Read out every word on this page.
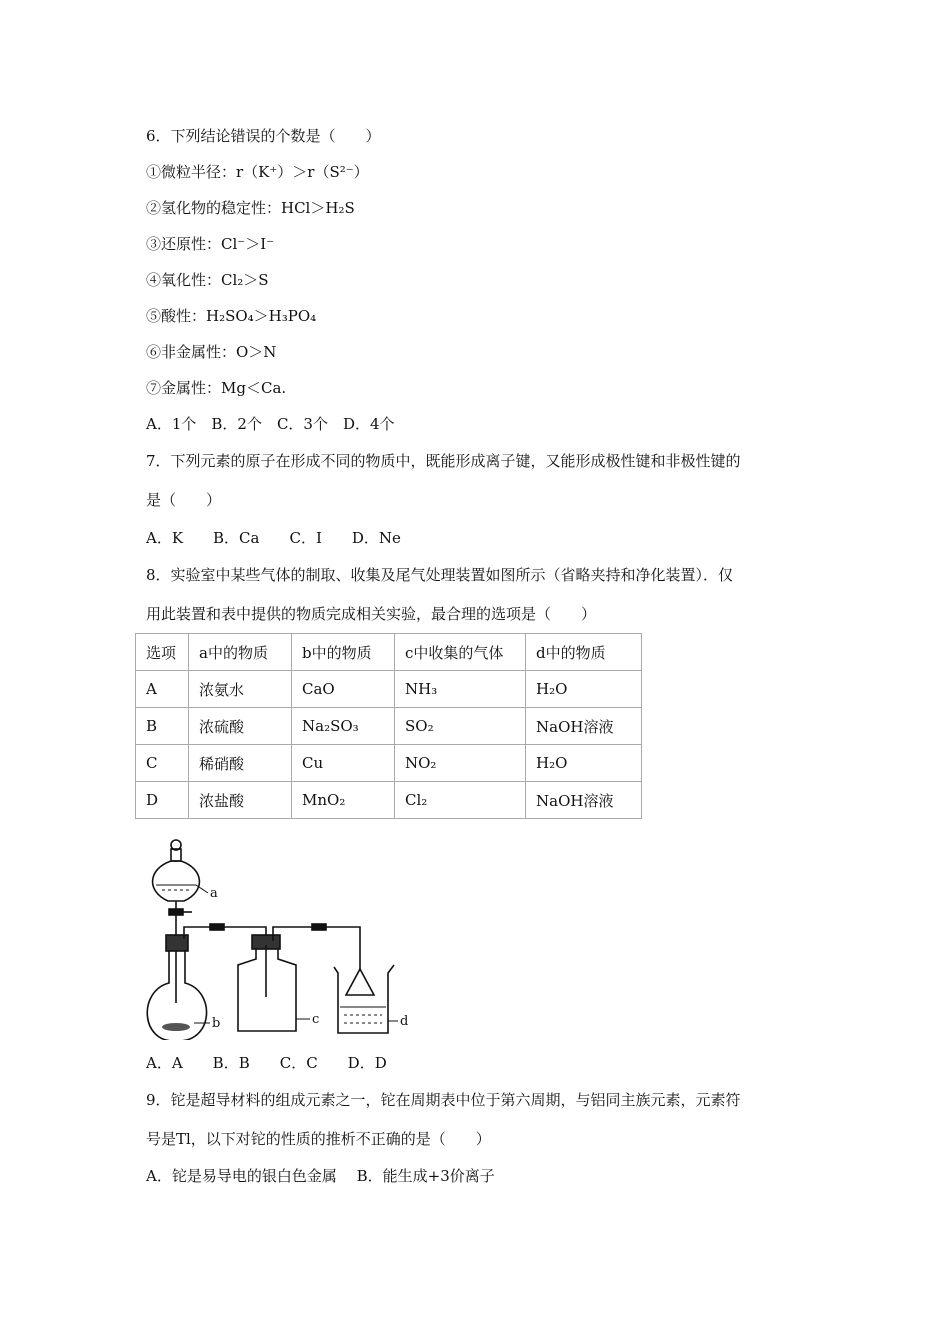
6．下列结论错误的个数是（　　）
①微粒半径：r（K⁺）＞r（S²⁻）
②氢化物的稳定性：HCl＞H₂S
③还原性：Cl⁻＞I⁻
④氧化性：Cl₂＞S
⑤酸性：H₂SO₄＞H₃PO₄
⑥非金属性：O＞N
⑦金属性：Mg＜Ca.
A．1个　B．2个　C．3个　D．4个
7．下列元素的原子在形成不同的物质中，既能形成离子键，又能形成极性键和非极性键的
是（　　）
A．K　　B．Ca　　C．I　　D．Ne
8．实验室中某些气体的制取、收集及尾气处理装置如图所示（省略夹持和净化装置）．仅
用此装置和表中提供的物质完成相关实验，最合理的选项是（　　）
选项	a中的物质	b中的物质	c中收集的气体	d中的物质
A	浓氨水	CaO	NH₃	H₂O
B	浓硫酸	Na₂SO₃	SO₂	NaOH溶液
C	稀硝酸	Cu	NO₂	H₂O
D	浓盐酸	MnO₂	Cl₂	NaOH溶液
a
b	c	d
A．A　　B．B　　C．C　　D．D
9．铊是超导材料的组成元素之一，铊在周期表中位于第六周期，与铝同主族元素，元素符
号是Tl，以下对铊的性质的推析不正确的是（　　）
A．铊是易导电的银白色金属　 B．能生成+3价离子
